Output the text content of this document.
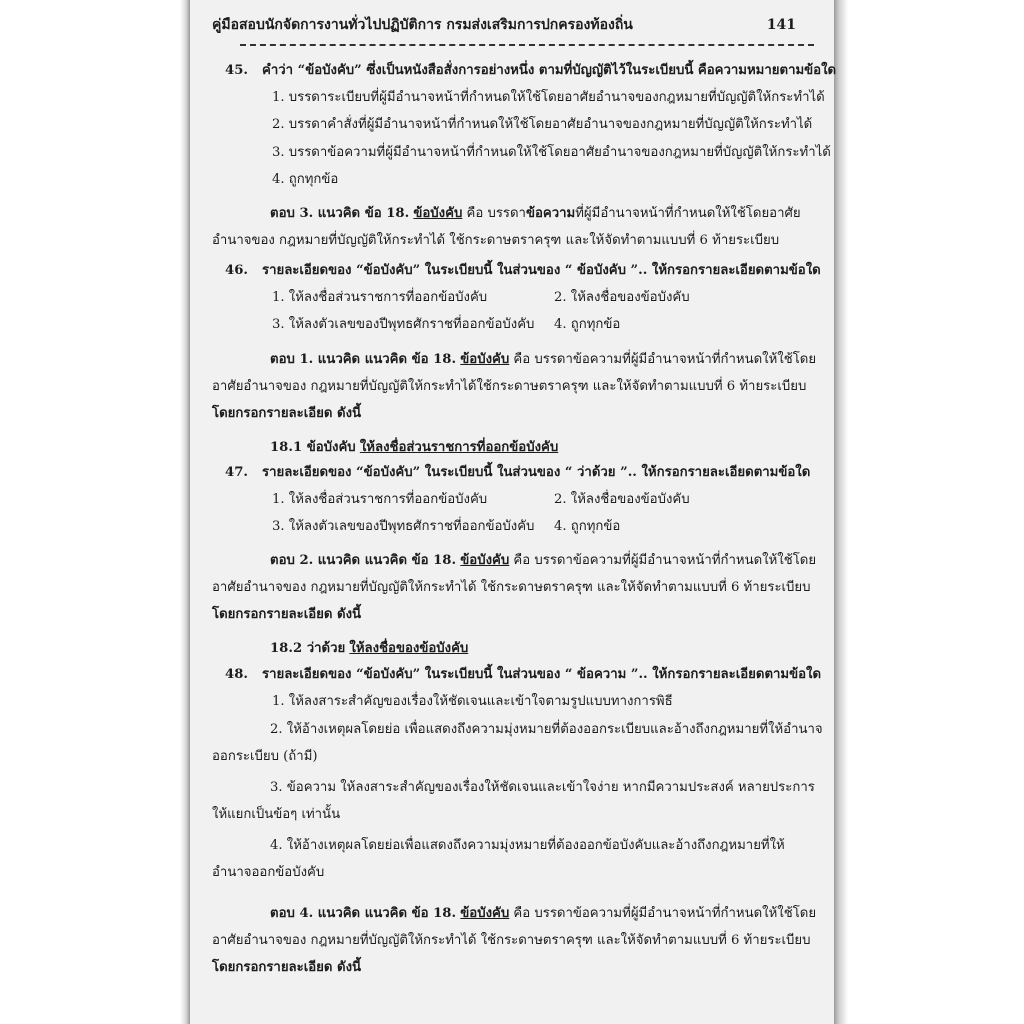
คู่มือสอบนักจัดการงานทั่วไปปฏิบัติการ กรมส่งเสริมการปกครองท้องถิ่น	141
45.	คำว่า “ข้อบังคับ” ซึ่งเป็นหนังสือสั่งการอย่างหนึ่ง ตามที่บัญญัติไว้ในระเบียบนี้ คือความหมายตามข้อใด
1. บรรดาระเบียบที่ผู้มีอำนาจหน้าที่กำหนดให้ใช้โดยอาศัยอำนาจของกฎหมายที่บัญญัติให้กระทำได้
2. บรรดาคำสั่งที่ผู้มีอำนาจหน้าที่กำหนดให้ใช้โดยอาศัยอำนาจของกฎหมายที่บัญญัติให้กระทำได้
3. บรรดาข้อความที่ผู้มีอำนาจหน้าที่กำหนดให้ใช้โดยอาศัยอำนาจของกฎหมายที่บัญญัติให้กระทำได้
4. ถูกทุกข้อ
ตอบ 3. แนวคิด ข้อ 18. ข้อบังคับ คือ บรรดาข้อความที่ผู้มีอำนาจหน้าที่กำหนดให้ใช้โดยอาศัยอำนาจของ กฎหมายที่บัญญัติให้กระทำได้ ใช้กระดาษตราครุฑ และให้จัดทำตามแบบที่ 6 ท้ายระเบียบ
46.	รายละเอียดของ “ข้อบังคับ” ในระเบียบนี้ ในส่วนของ “ ข้อบังคับ ”.. ให้กรอกรายละเอียดตามข้อใด
1. ให้ลงชื่อส่วนราชการที่ออกข้อบังคับ	2. ให้ลงชื่อของข้อบังคับ
3. ให้ลงตัวเลขของปีพุทธศักราชที่ออกข้อบังคับ	4. ถูกทุกข้อ
ตอบ 1. แนวคิด แนวคิด ข้อ 18. ข้อบังคับ คือ บรรดาข้อความที่ผู้มีอำนาจหน้าที่กำหนดให้ใช้โดยอาศัยอำนาจของ กฎหมายที่บัญญัติให้กระทำได้ใช้กระดาษตราครุฑ และให้จัดทำตามแบบที่ 6 ท้ายระเบียบ โดยกรอกรายละเอียด ดังนี้
18.1 ข้อบังคับ ให้ลงชื่อส่วนราชการที่ออกข้อบังคับ
47.	รายละเอียดของ “ข้อบังคับ” ในระเบียบนี้ ในส่วนของ “ ว่าด้วย ”.. ให้กรอกรายละเอียดตามข้อใด
1. ให้ลงชื่อส่วนราชการที่ออกข้อบังคับ	2. ให้ลงชื่อของข้อบังคับ
3. ให้ลงตัวเลขของปีพุทธศักราชที่ออกข้อบังคับ	4. ถูกทุกข้อ
ตอบ 2. แนวคิด แนวคิด ข้อ 18. ข้อบังคับ คือ บรรดาข้อความที่ผู้มีอำนาจหน้าที่กำหนดให้ใช้โดยอาศัยอำนาจของ กฎหมายที่บัญญัติให้กระทำได้ ใช้กระดาษตราครุฑ และให้จัดทำตามแบบที่ 6 ท้ายระเบียบ โดยกรอกรายละเอียด ดังนี้
18.2 ว่าด้วย ให้ลงชื่อของข้อบังคับ
48.	รายละเอียดของ “ข้อบังคับ” ในระเบียบนี้ ในส่วนของ “ ข้อความ ”.. ให้กรอกรายละเอียดตามข้อใด
1. ให้ลงสาระสำคัญของเรื่องให้ชัดเจนและเข้าใจตามรูปแบบทางการพิธี
2. ให้อ้างเหตุผลโดยย่อ เพื่อแสดงถึงความมุ่งหมายที่ต้องออกระเบียบและอ้างถึงกฎหมายที่ให้อำนาจออกระเบียบ (ถ้ามี)
3. ข้อความ ให้ลงสาระสำคัญของเรื่องให้ชัดเจนและเข้าใจง่าย หากมีความประสงค์ หลายประการ ให้แยกเป็นข้อๆ เท่านั้น
4. ให้อ้างเหตุผลโดยย่อเพื่อแสดงถึงความมุ่งหมายที่ต้องออกข้อบังคับและอ้างถึงกฎหมายที่ให้อำนาจออกข้อบังคับ
ตอบ 4. แนวคิด แนวคิด ข้อ 18. ข้อบังคับ คือ บรรดาข้อความที่ผู้มีอำนาจหน้าที่กำหนดให้ใช้โดยอาศัยอำนาจของ กฎหมายที่บัญญัติให้กระทำได้ ใช้กระดาษตราครุฑ และให้จัดทำตามแบบที่ 6 ท้ายระเบียบ โดยกรอกรายละเอียด ดังนี้
